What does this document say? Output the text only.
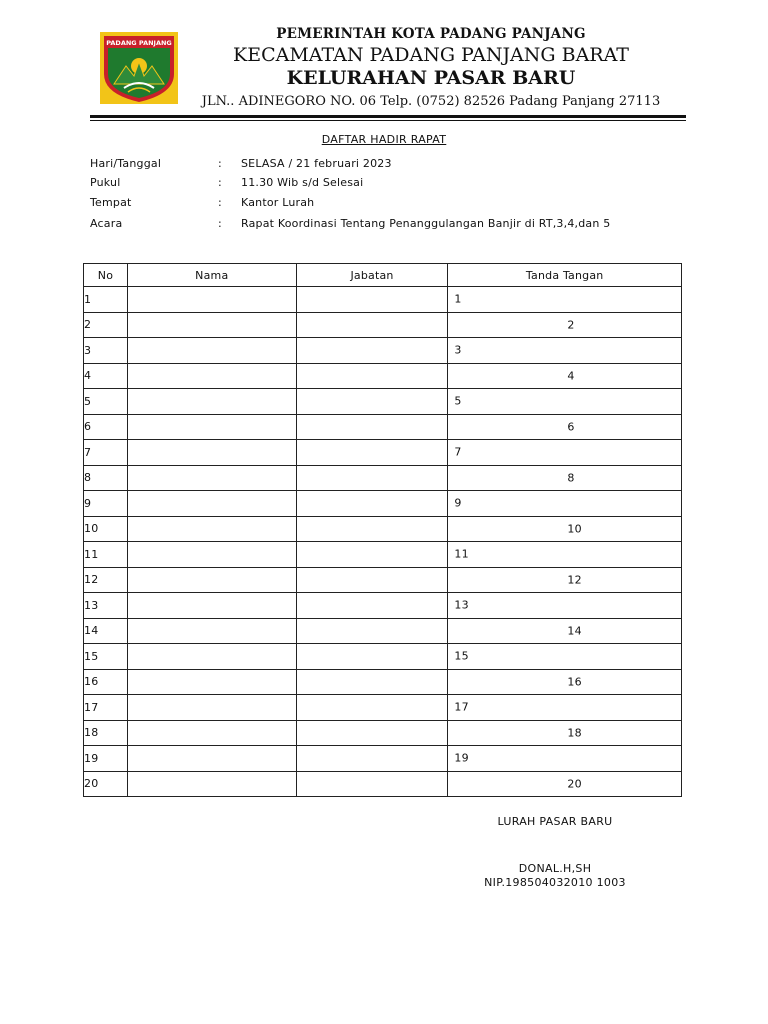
PADANG PANJANG
PEMERINTAH KOTA PADANG PANJANG
KECAMATAN PADANG PANJANG BARAT
KELURAHAN PASAR BARU
JLN.. ADINEGORO NO. 06 Telp. (0752) 82526 Padang Panjang 27113
DAFTAR HADIR RAPAT
Hari/Tanggal	: SELASA / 21 februari 2023
Pukul	: 11.30 Wib s/d Selesai
Tempat	: Kantor Lurah
Acara	: Rapat Koordinasi Tentang Penanggulangan Banjir di RT,3,4,dan 5
No	Nama	Jabatan	Tanda Tangan
1			1

2			2

3			3

4			4

5			5

6			6

7			7

8			8

9			9

10			10

11			11

12			12

13			13

14			14

15			15

16			16

17			17

18			18

19			19

20			20
LURAH PASAR BARU
DONAL.H,SH
NIP.198504032010 1003
